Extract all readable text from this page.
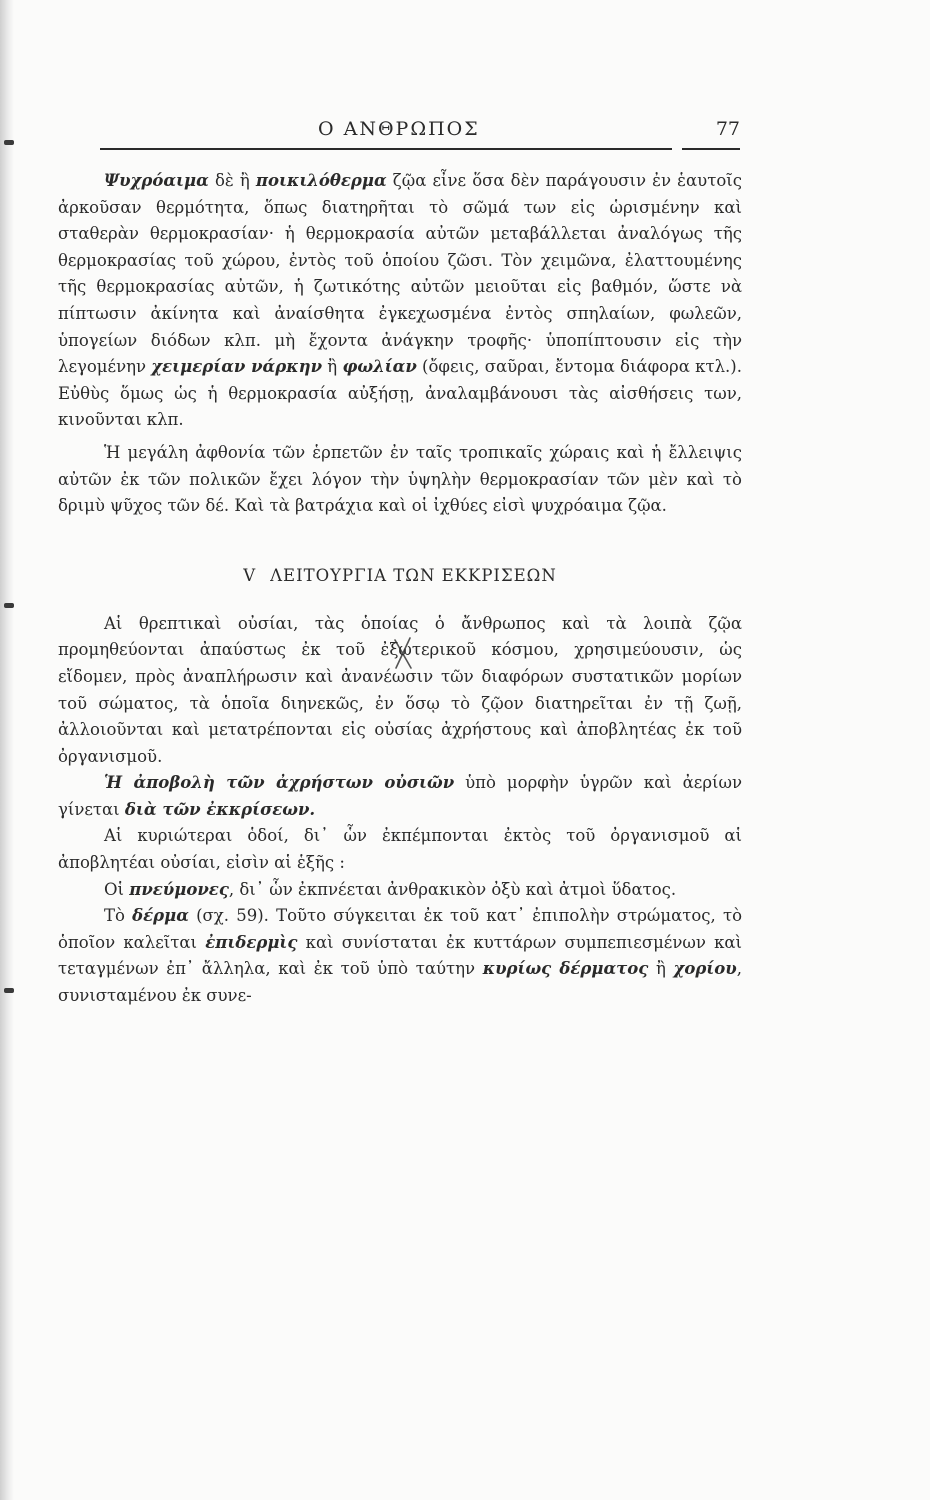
Ο ΑΝΘΡΩΠΟΣ	77

Ψυχρόαιμα δὲ ἢ ποικιλόθερμα ζῷα εἶνε ὅσα δὲν παράγουσιν ἐν ἑαυτοῖς ἀρκοῦσαν θερμότητα, ὅπως διατηρῆται τὸ σῶμά των εἰς ὡρισμένην καὶ σταθερὰν θερμοκρασίαν· ἡ θερμοκρασία αὐτῶν μεταβάλλεται ἀναλόγως τῆς θερμοκρασίας τοῦ χώρου, ἐντὸς τοῦ ὁποίου ζῶσι. Τὸν χειμῶνα, ἐλαττουμένης τῆς θερμοκρασίας αὐτῶν, ἡ ζωτικότης αὐτῶν μειοῦται εἰς βαθμόν, ὥστε νὰ πίπτωσιν ἀκίνητα καὶ ἀναίσθητα ἐγκεχωσμένα ἐντὸς σπηλαίων, φωλεῶν, ὑπογείων διόδων κλπ. μὴ ἔχοντα ἀνάγκην τροφῆς· ὑποπίπτουσιν εἰς τὴν λεγομένην χειμερίαν νάρκην ἢ φωλίαν (ὄφεις, σαῦραι, ἔντομα διάφορα κτλ.). Εὐθὺς ὅμως ὡς ἡ θερμοκρασία αὐξήσῃ, ἀναλαμβάνουσι τὰς αἰσθήσεις των, κινοῦνται κλπ.

Ἡ μεγάλη ἀφθονία τῶν ἑρπετῶν ἐν ταῖς τροπικαῖς χώραις καὶ ἡ ἔλλειψις αὐτῶν ἐκ τῶν πολικῶν ἔχει λόγον τὴν ὑψηλὴν θερμοκρασίαν τῶν μὲν καὶ τὸ δριμὺ ψῦχος τῶν δέ. Καὶ τὰ βατράχια καὶ οἱ ἰχθύες εἰσὶ ψυχρόαιμα ζῷα.

V ΛΕΙΤΟΥΡΓΙΑ ΤΩΝ ΕΚΚΡΙΣΕΩΝ

Αἱ θρεπτικαὶ οὐσίαι, τὰς ὁποίας ὁ ἄνθρωπος καὶ τὰ λοιπὰ ζῷα προμηθεύονται ἀπαύστως ἐκ τοῦ ἐξωτερικοῦ κόσμου, χρησιμεύουσιν, ὡς εἴδομεν, πρὸς ἀναπλήρωσιν καὶ ἀνανέωσιν τῶν διαφόρων συστατικῶν μορίων τοῦ σώματος, τὰ ὁποῖα διηνεκῶς, ἐν ὅσῳ τὸ ζῷον διατηρεῖται ἐν τῇ ζωῇ, ἀλλοιοῦνται καὶ μετατρέπονται εἰς οὐσίας ἀχρήστους καὶ ἀποβλητέας ἐκ τοῦ ὀργανισμοῦ.

Ἡ ἀποβολὴ τῶν ἀχρήστων οὐσιῶν ὑπὸ μορφὴν ὑγρῶν καὶ ἀερίων γίνεται διὰ τῶν ἐκκρίσεων.

Αἱ κυριώτεραι ὁδοί, δι᾿ ὧν ἐκπέμπονται ἐκτὸς τοῦ ὀργανισμοῦ αἱ ἀποβλητέαι οὐσίαι, εἰσὶν αἱ ἑξῆς :

Οἱ πνεύμονες, δι᾿ ὧν ἐκπνέεται ἀνθρακικὸν ὀξὺ καὶ ἀτμοὶ ὕδατος.

Τὸ δέρμα (σχ. 59). Τοῦτο σύγκειται ἐκ τοῦ κατ᾿ ἐπιπολὴν στρώματος, τὸ ὁποῖον καλεῖται ἐπιδερμὶς καὶ συνίσταται ἐκ κυττάρων συμπεπιεσμένων καὶ τεταγμένων ἐπ᾿ ἄλληλα, καὶ ἐκ τοῦ ὑπὸ ταύτην κυρίως δέρματος ἢ χορίου, συνισταμένου ἐκ συνε-
